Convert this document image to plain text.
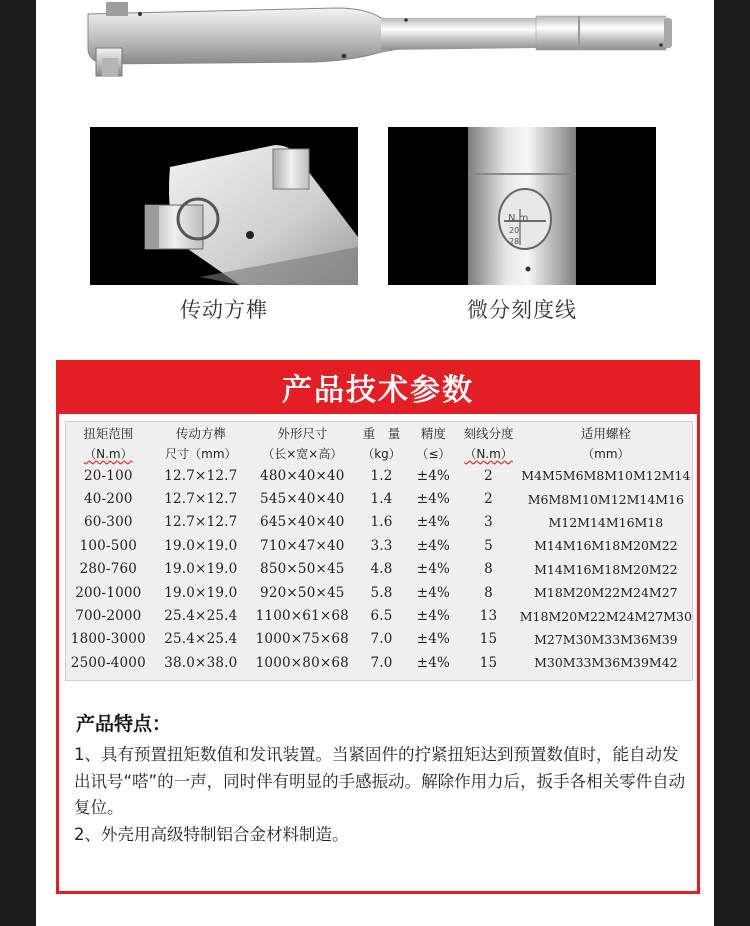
N.m
20
28
传动方榫	微分刻度线
产品技术参数
扭矩范围	传动方榫	外形尺寸	重　量	精度	刻线分度	适用螺栓
（N.m）	尺寸（mm）	（长×宽×高）	（kg）	（≤）	（N.m）	（mm）
20-100	12.7×12.7	480×40×40	1.2	±4%	2	M4M5M6M8M10M12M14
40-200	12.7×12.7	545×40×40	1.4	±4%	2	M6M8M10M12M14M16
60-300	12.7×12.7	645×40×40	1.6	±4%	3	M12M14M16M18
100-500	19.0×19.0	710×47×40	3.3	±4%	5	M14M16M18M20M22
280-760	19.0×19.0	850×50×45	4.8	±4%	8	M14M16M18M20M22
200-1000	19.0×19.0	920×50×45	5.8	±4%	8	M18M20M22M24M27
700-2000	25.4×25.4	1100×61×68	6.5	±4%	13	M18M20M22M24M27M30
1800-3000	25.4×25.4	1000×75×68	7.0	±4%	15	M27M30M33M36M39
2500-4000	38.0×38.0	1000×80×68	7.0	±4%	15	M30M33M36M39M42
产品特点：

1、具有预置扭矩数值和发讯装置。当紧固件的拧紧扭矩达到预置数值时，能自动发出讯号“嗒”的一声，同时伴有明显的手感振动。解除作用力后，扳手各相关零件自动复位。

2、外壳用高级特制铝合金材料制造。
